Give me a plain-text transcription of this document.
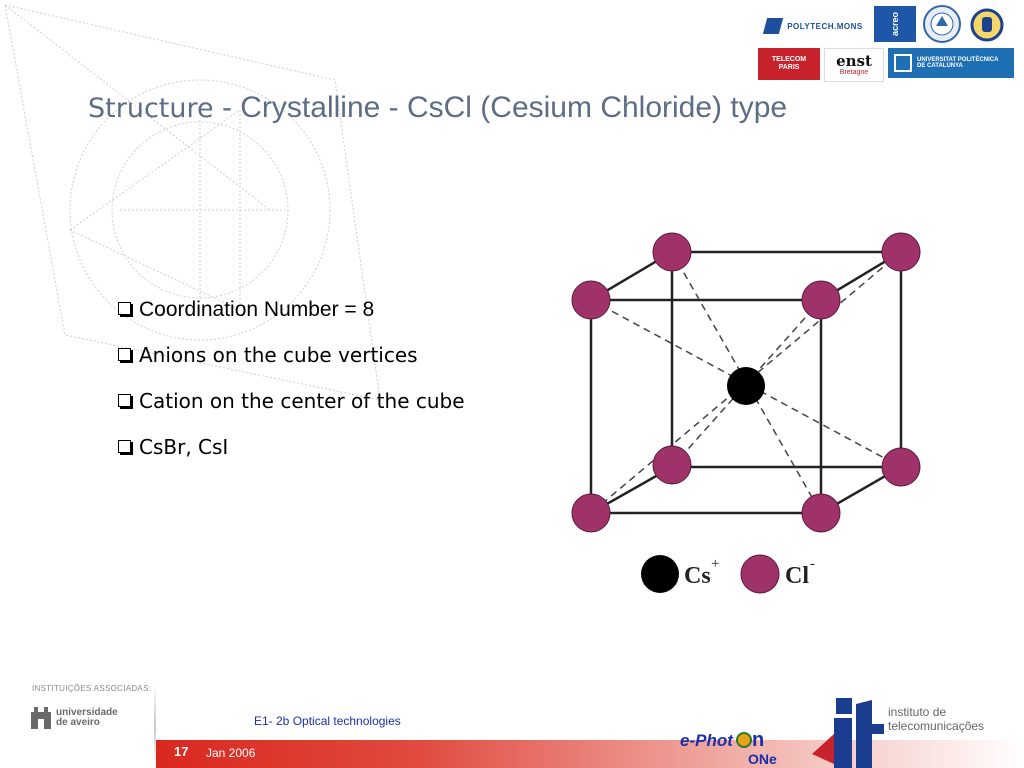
POLYTECH.MONS	acreo
TELECOM PARIS	enst
Bretagne
UNIVERSITAT POLITÈCNICA
DE CATALUNYA
Structure - Crystalline - CsCl (Cesium Chloride) type
Coordination Number = 8
Anions on the cube vertices
Cation on the center of the cube
CsBr, CsI
Cs +	Cl -
INSTITUIÇÕES ASSOCIADAS:
universidade
de aveiro	E1- 2b Optical technologies
17 Jan 2006
e-Phot n
ONe
instituto de
telecomunicações
